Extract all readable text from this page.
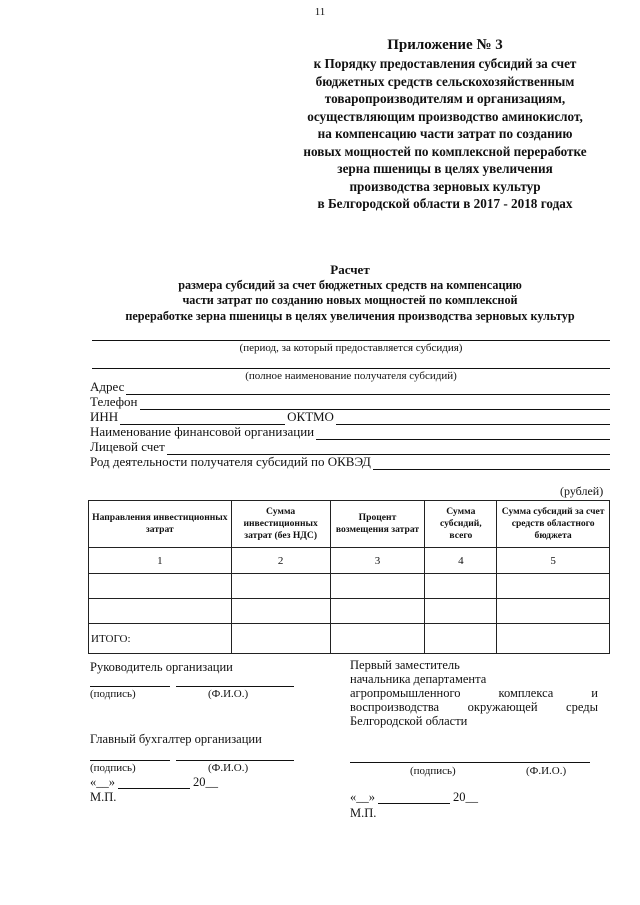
11
Приложение № 3
к Порядку предоставления субсидий за счет
бюджетных средств сельскохозяйственным
товаропроизводителям и организациям,
осуществляющим производство аминокислот,
на компенсацию части затрат по созданию
новых мощностей по комплексной переработке
зерна пшеницы в целях увеличения
производства зерновых культур
в Белгородской области в 2017 - 2018 годах
Расчет
размера субсидий за счет бюджетных средств на компенсацию
части затрат по созданию новых мощностей по комплексной
переработке зерна пшеницы в целях увеличения производства зерновых культур
(период, за который предоставляется субсидия)
(полное наименование получателя субсидий)
Адрес
Телефон
ИНН	ОКТМО
Наименование финансовой организации
Лицевой счет
Род деятельности получателя субсидий по ОКВЭД
(рублей)
Направления инвестиционных затрат	Сумма инвестиционных затрат (без НДС)	Процент возмещения затрат	Сумма субсидий, всего	Сумма субсидий за счет средств областного бюджета
1	2	3	4	5

ИТОГО:				
Руководитель организации
(подпись)	(Ф.И.О.)
Главный бухгалтер организации
(подпись)	(Ф.И.О.)
«__»	20__
М.П.
Первый заместитель
начальника департамента
агропромышленного комплекса и
воспроизводства окружающей среды
Белгородской области
(подпись)	(Ф.И.О.)
«__»	20__
М.П.
